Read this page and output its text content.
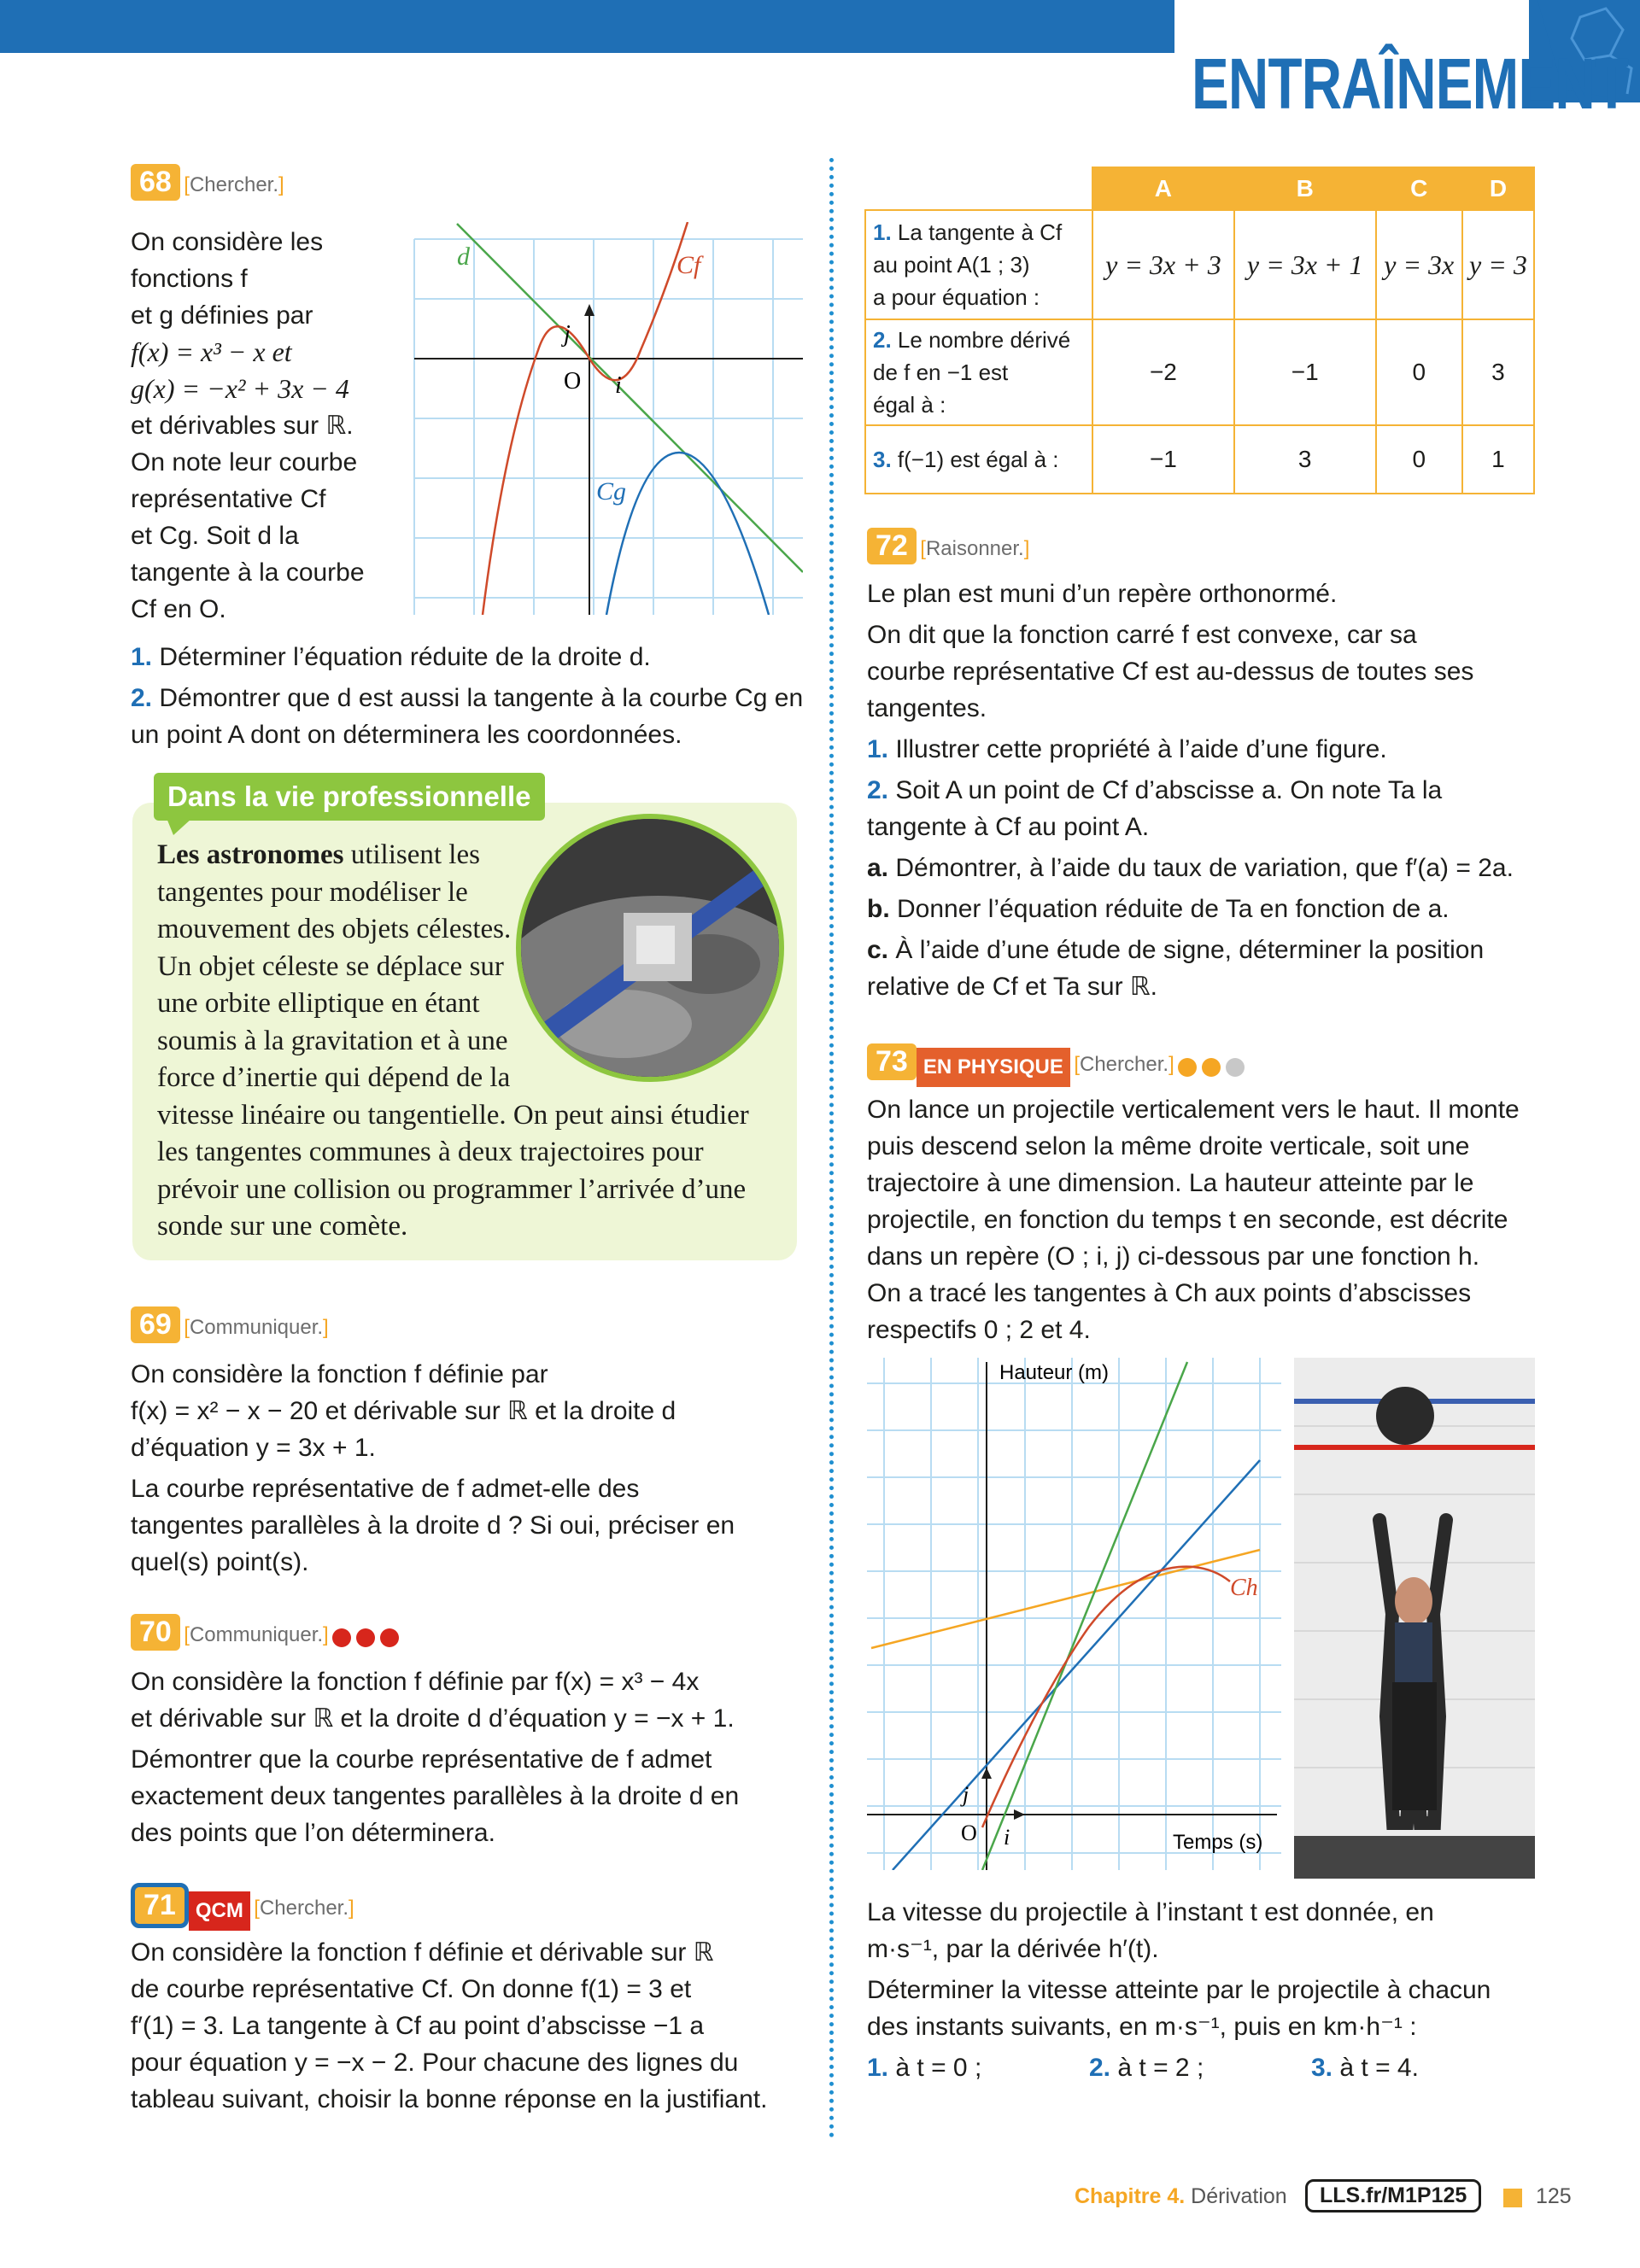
ENTRAÎNEMENT
68 [Chercher.]
On considère les
fonctions f
et g définies par
f(x) = x³ − x et
g(x) = −x² + 3x − 4
et dérivables sur ℝ.
On note leur courbe
représentative Cf
et Cg. Soit d la
tangente à la courbe
Cf en O.
d	Cf
Cg
O i
j
1. Déterminer l’équation réduite de la droite d.
2. Démontrer que d est aussi la tangente à la courbe Cg en un point A dont on déterminera les coordonnées.
Dans la vie professionnelle
Les astronomes utilisent les
tangentes pour modéliser le
mouvement des objets célestes.
Un objet céleste se déplace sur
une orbite elliptique en étant
soumis à la gravitation et à une
force d’inertie qui dépend de la
vitesse linéaire ou tangentielle. On peut ainsi étudier
les tangentes communes à deux trajectoires pour
prévoir une collision ou programmer l’arrivée d’une
sonde sur une comète.
69 [Communiquer.]
On considère la fonction f définie par
f(x) = x² − x − 20 et dérivable sur ℝ et la droite d
d’équation y = 3x + 1.
La courbe représentative de f admet-elle des
tangentes parallèles à la droite d ? Si oui, préciser en
quel(s) point(s).
70 [Communiquer.]
On considère la fonction f définie par f(x) = x³ − 4x
et dérivable sur ℝ et la droite d d’équation y = −x + 1.
Démontrer que la courbe représentative de f admet
exactement deux tangentes parallèles à la droite d en
des points que l’on déterminera.
71 QCM [Chercher.]
On considère la fonction f définie et dérivable sur ℝ
de courbe représentative Cf. On donne f(1) = 3 et
f′(1) = 3. La tangente à Cf au point d’abscisse −1 a
pour équation y = −x − 2. Pour chacune des lignes du
tableau suivant, choisir la bonne réponse en la justifiant.
	A	B	C	D
1. La tangente à Cf
au point A(1 ; 3)
a pour équation :	y = 3x + 3	y = 3x + 1	y = 3x	y = 3
2. Le nombre dérivé
de f en −1 est
égal à :	−2	−1	0	3
3. f(−1) est égal à :	−1	3	0	1
72 [Raisonner.]
Le plan est muni d’un repère orthonormé.
On dit que la fonction carré f est convexe, car sa
courbe représentative Cf est au-dessus de toutes ses
tangentes.
1. Illustrer cette propriété à l’aide d’une figure.
2. Soit A un point de Cf d’abscisse a. On note Ta la
tangente à Cf au point A.
a. Démontrer, à l’aide du taux de variation, que f′(a) = 2a.
b. Donner l’équation réduite de Ta en fonction de a.
c. À l’aide d’une étude de signe, déterminer la position
relative de Cf et Ta sur ℝ.
73 EN PHYSIQUE [Chercher.]
On lance un projectile verticalement vers le haut. Il monte
puis descend selon la même droite verticale, soit une
trajectoire à une dimension. La hauteur atteinte par le
projectile, en fonction du temps t en seconde, est décrite
dans un repère (O ; i, j) ci-dessous par une fonction h.
On a tracé les tangentes à Ch aux points d’abscisses
respectifs 0 ; 2 et 4.
Hauteur (m)
Temps (s)
Ch
O i
j
La vitesse du projectile à l’instant t est donnée, en
m·s⁻¹, par la dérivée h′(t).
Déterminer la vitesse atteinte par le projectile à chacun
des instants suivants, en m·s⁻¹, puis en km·h⁻¹ :
1. à t = 0 ;	2. à t = 2 ;	3. à t = 4.
Chapitre 4. Dérivation	LLS.fr/M1P125	125
